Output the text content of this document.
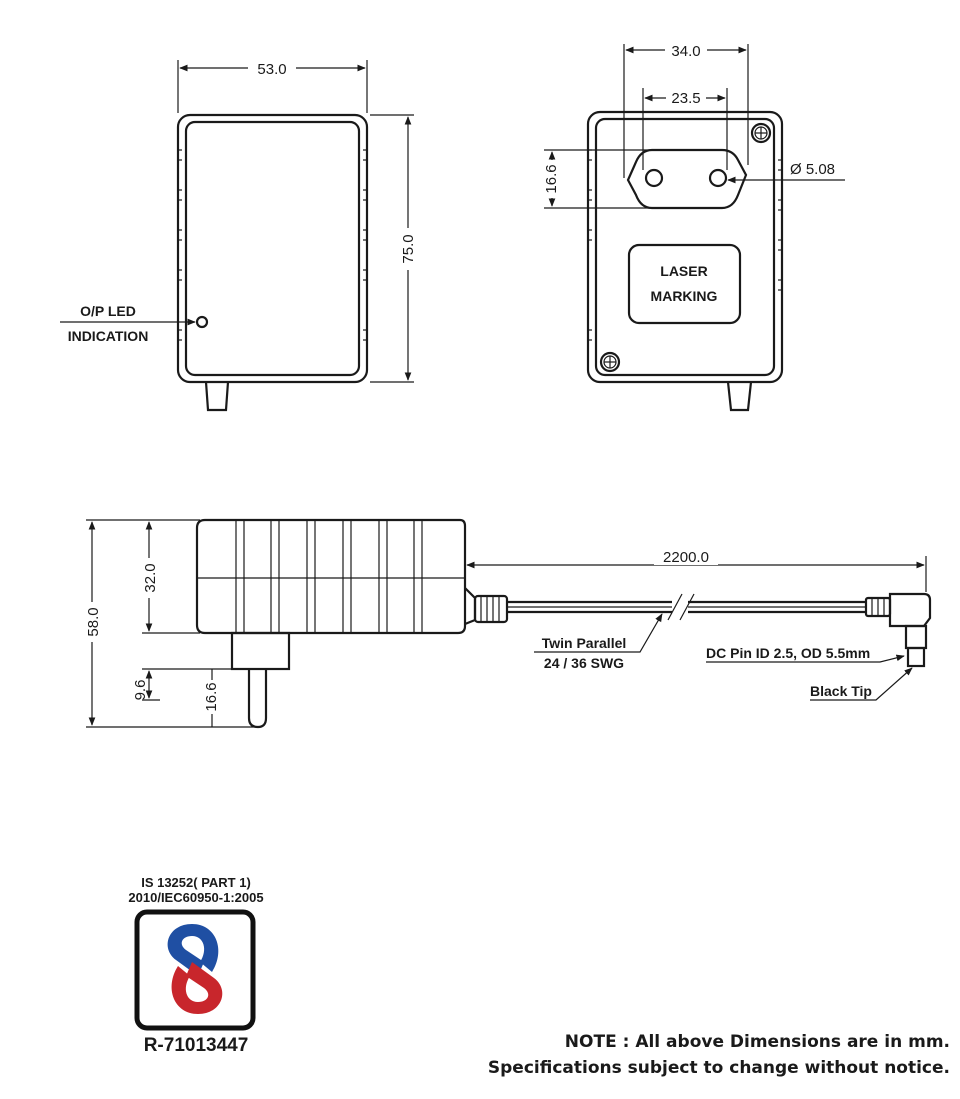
53.0
75.0
O/P LED
INDICATION
34.0
23.5
16.6	Ø 5.08
LASER
MARKING
2200.0
58.0
32.0
9.6	16.6
Twin Parallel
24 / 36 SWG
DC Pin ID 2.5, OD 5.5mm
Black Tip
IS 13252( PART 1)
2010/IEC60950-1:2005
R-71013447	NOTE : All above Dimensions are in mm.
Specifications subject to change without notice.
